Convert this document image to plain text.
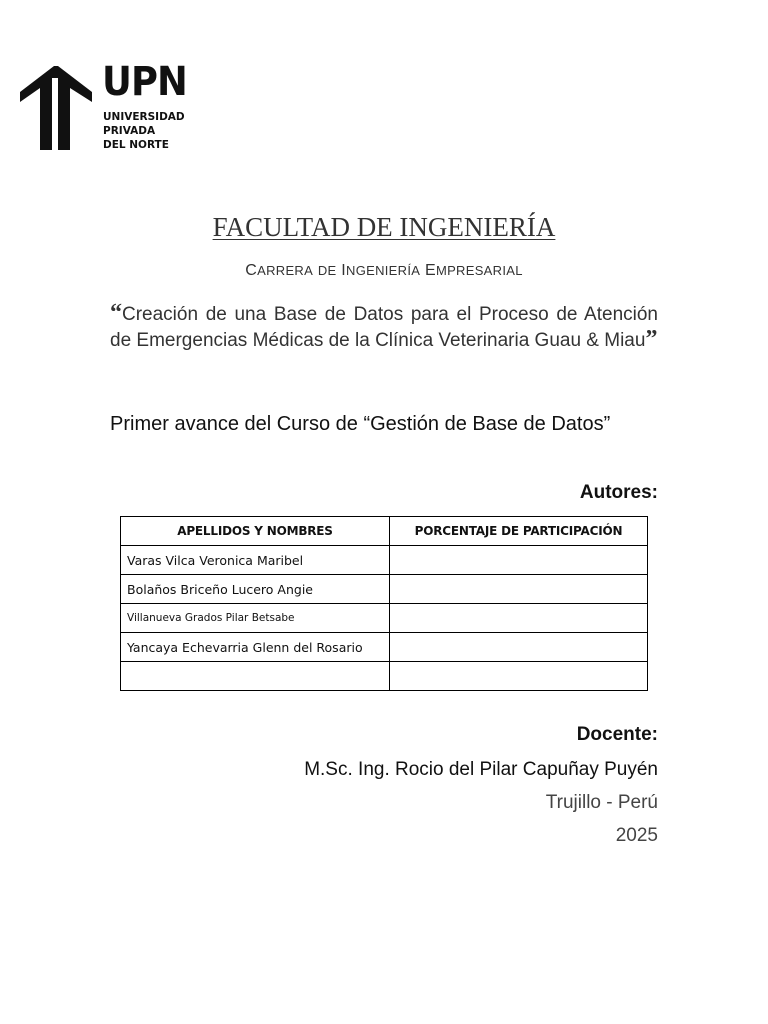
UPN
UNIVERSIDAD
PRIVADA
DEL NORTE
FACULTAD DE INGENIERÍA
CARRERA DE INGENIERÍA EMPRESARIAL
“Creación de una Base de Datos para el Proceso de Atención de Emergencias Médicas de la Clínica Veterinaria Guau & Miau”
Primer avance del Curso de “Gestión de Base de Datos”
Autores:
APELLIDOS Y NOMBRES	PORCENTAJE DE PARTICIPACIÓN
Varas Vilca Veronica Maribel	
Bolaños Briceño Lucero Angie	
Villanueva Grados Pilar Betsabe	
Yancaya Echevarria Glenn del Rosario	

Docente:
M.Sc. Ing. Rocio del Pilar Capuñay Puyén
Trujillo - Perú
2025
